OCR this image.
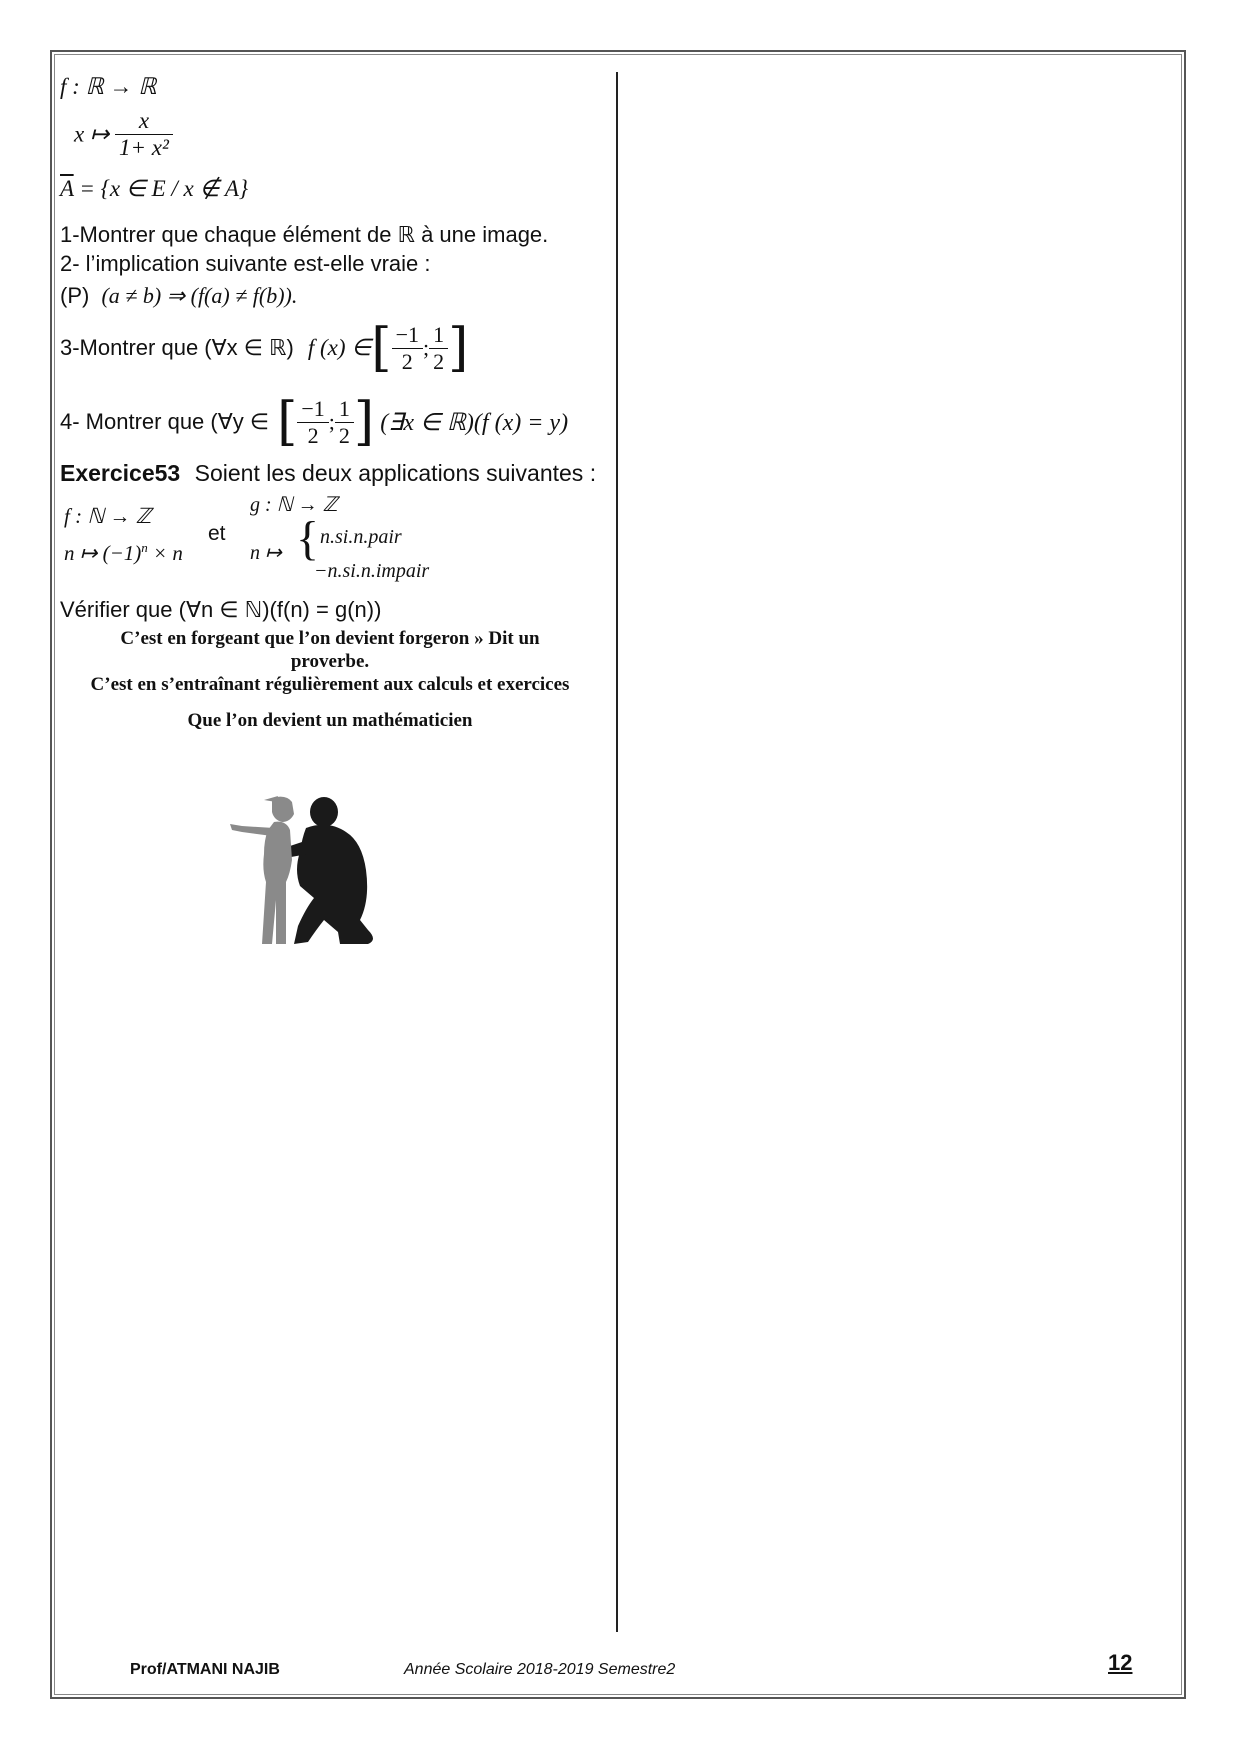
f : ℝ → ℝ
x ↦ $\frac{x}{\text{1+ x²}}$
$\overline{A} = \{x$ ∈ E / x ∉ A}
1-Montrer que chaque élément de ℝ à une image.
2- l’implication suivante est-elle vraie :
(P) (a ≠ b) ⇒ (f(a) ≠ f(b)).
3-Montrer que (∀x ∈ ℝ) f (x) ∈ [ $\frac{-1}{2}$ ; $\frac{1}{2}$ ]
4- Montrer que (∀y ∈ [ $\frac{-1}{2}$ ; $\frac{1}{2}$ ] (∃x ∈ ℝ)(f (x) = y)
Exercice53 Soient les deux applications suivantes :
f : ℕ → ℤ
n ↦ $(-1)^n \times n$
et
g : ℕ → ℤ
n ↦ { n.si.n.pair
−n.si.n.impair
Vérifier que (∀n ∈ ℕ)(f(n) = g(n))
C’est en forgeant que l’on devient forgeron » Dit un
proverbe.
C’est en s’entraînant régulièrement aux calculs et exercices
Que l’on devient un mathématicien
Prof/ATMANI NAJIB	Année Scolaire 2018-2019 Semestre2	12
